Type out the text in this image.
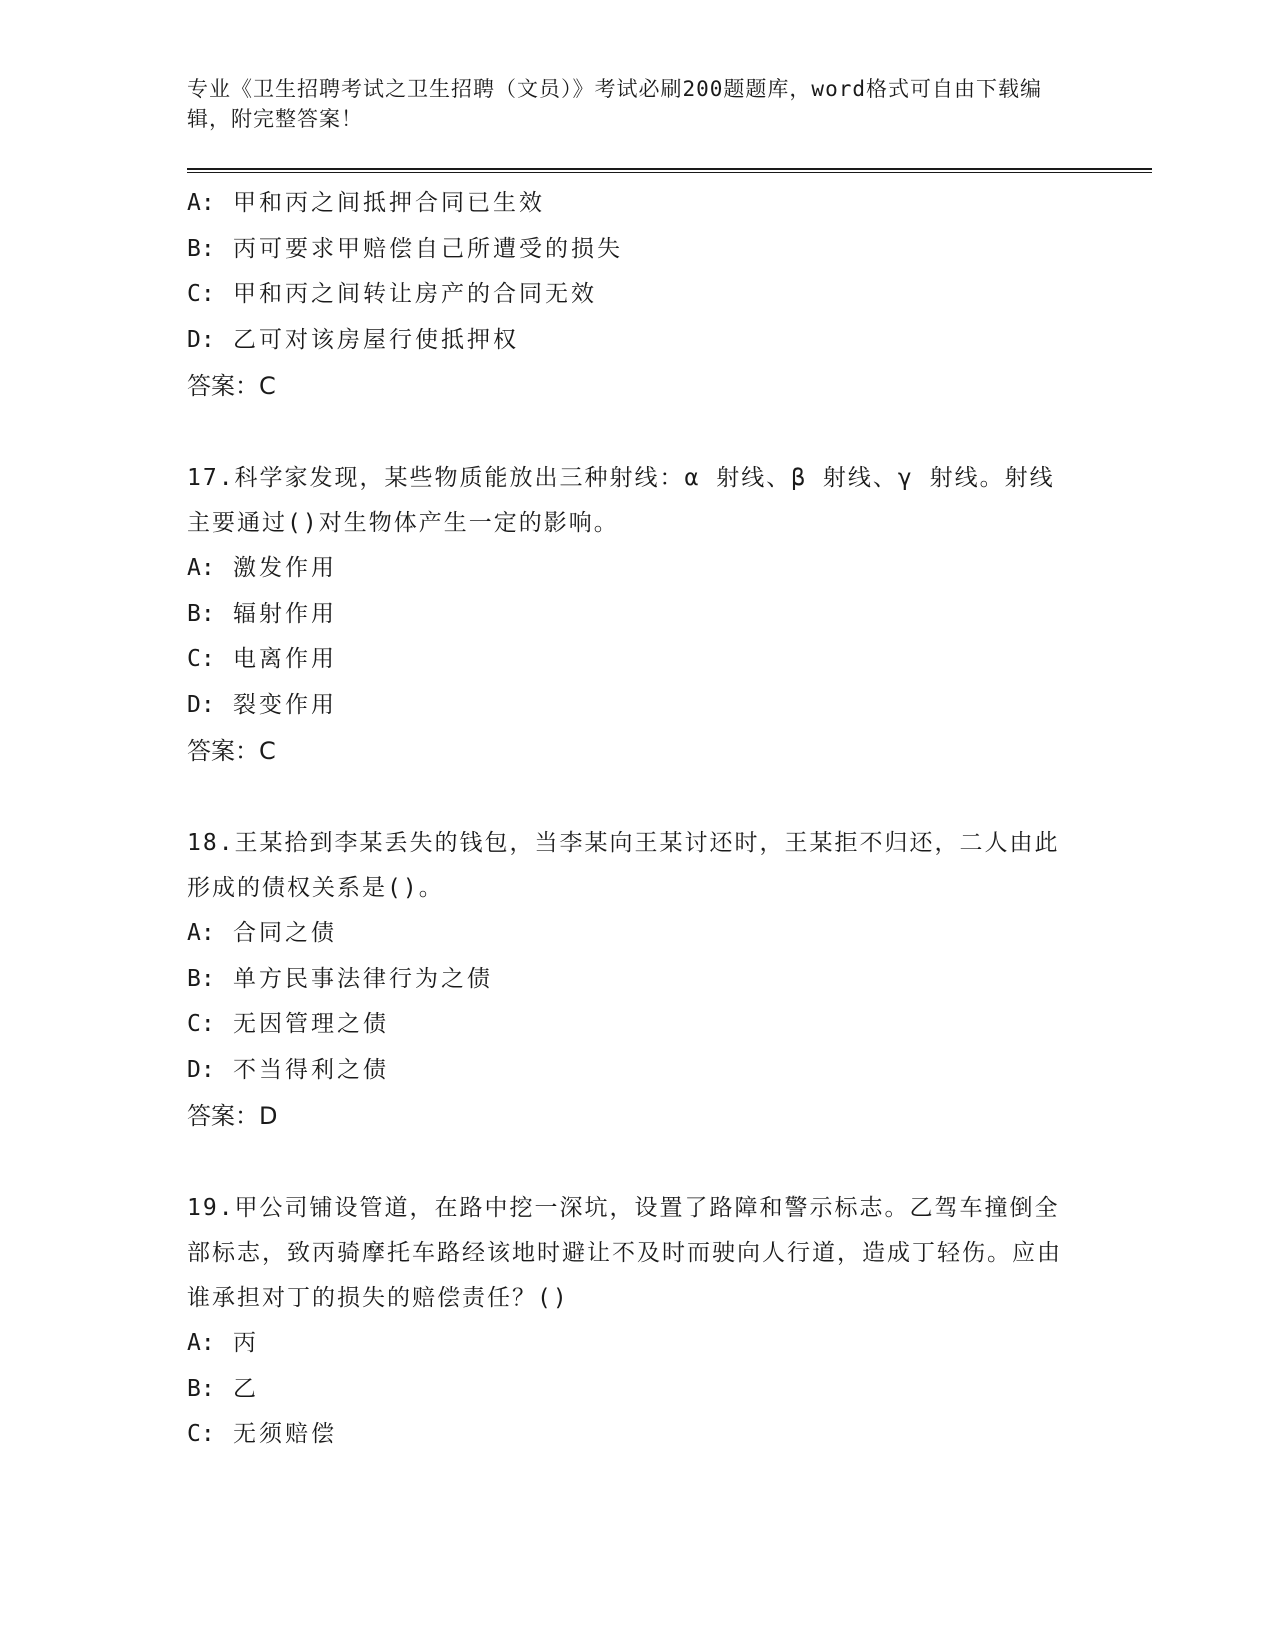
专业《卫生招聘考试之卫生招聘（文员）》考试必刷200题题库，word格式可自由下载编辑，附完整答案！

A: 甲和丙之间抵押合同已生效

B: 丙可要求甲赔偿自己所遭受的损失

C: 甲和丙之间转让房产的合同无效

D: 乙可对该房屋行使抵押权

答案：C

17.科学家发现，某些物质能放出三种射线：α 射线、β 射线、γ 射线。射线主要通过()对生物体产生一定的影响。

A: 激发作用

B: 辐射作用

C: 电离作用

D: 裂变作用

答案：C

18.王某拾到李某丢失的钱包，当李某向王某讨还时，王某拒不归还，二人由此形成的债权关系是()。

A: 合同之债

B: 单方民事法律行为之债

C: 无因管理之债

D: 不当得利之债

答案：D

19.甲公司铺设管道，在路中挖一深坑，设置了路障和警示标志。乙驾车撞倒全部标志，致丙骑摩托车路经该地时避让不及时而驶向人行道，造成丁轻伤。应由谁承担对丁的损失的赔偿责任？()

A: 丙

B: 乙

C: 无须赔偿
